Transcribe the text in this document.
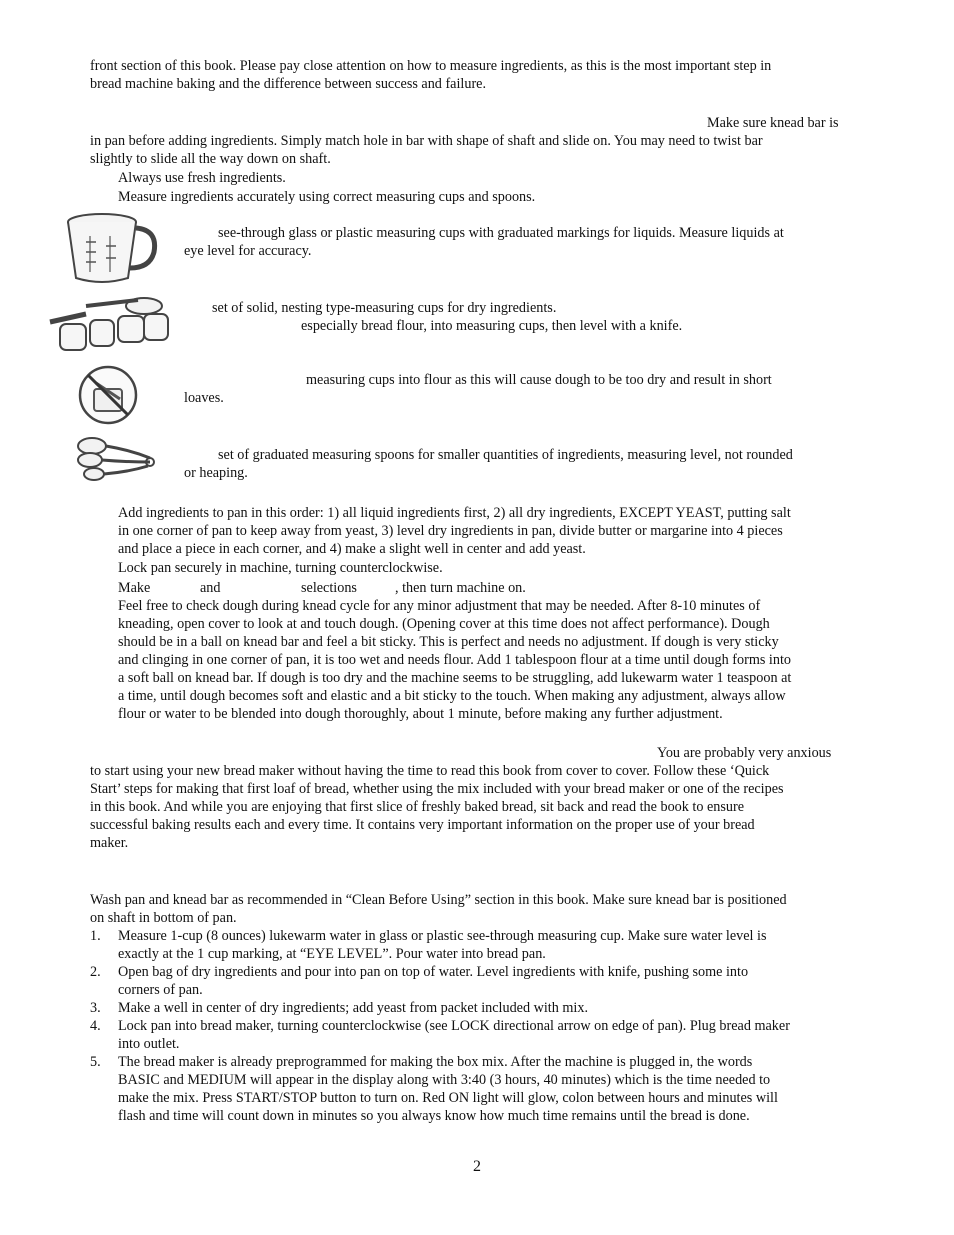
front section of this book. Please pay close attention on how to measure ingredients, as this is the most important step in
bread machine baking and the difference between success and failure.
Make sure knead bar is
in pan before adding ingredients. Simply match hole in bar with shape of shaft and slide on. You may need to twist bar
slightly to slide all the way down on shaft.
Always use fresh ingredients.
Measure ingredients accurately using correct measuring cups and spoons.
see-through glass or plastic measuring cups with graduated markings for liquids. Measure liquids at
eye level for accuracy.
set of solid, nesting type-measuring cups for dry ingredients.
especially bread flour, into measuring cups, then level with a knife.
measuring cups into flour as this will cause dough to be too dry and result in short
loaves.
set of graduated measuring spoons for smaller quantities of ingredients, measuring level, not rounded
or heaping.
Add ingredients to pan in this order: 1) all liquid ingredients first, 2) all dry ingredients, EXCEPT YEAST, putting salt
in one corner of pan to keep away from yeast, 3) level dry ingredients in pan, divide butter or margarine into 4 pieces
and place a piece in each corner, and 4) make a slight well in center and add yeast.
Lock pan securely in machine, turning counterclockwise.
Make	and	selections	, then turn machine on.
Feel free to check dough during knead cycle for any minor adjustment that may be needed. After 8-10 minutes of
kneading, open cover to look at and touch dough. (Opening cover at this time does not affect performance). Dough
should be in a ball on knead bar and feel a bit sticky. This is perfect and needs no adjustment. If dough is very sticky
and clinging in one corner of pan, it is too wet and needs flour. Add 1 tablespoon flour at a time until dough forms into
a soft ball on knead bar. If dough is too dry and the machine seems to be struggling, add lukewarm water 1 teaspoon at
a time, until dough becomes soft and elastic and a bit sticky to the touch. When making any adjustment, always allow
flour or water to be blended into dough thoroughly, about 1 minute, before making any further adjustment.
You are probably very anxious
to start using your new bread maker without having the time to read this book from cover to cover. Follow these ‘Quick
Start’ steps for making that first loaf of bread, whether using the mix included with your bread maker or one of the recipes
in this book. And while you are enjoying that first slice of freshly baked bread, sit back and read the book to ensure
successful baking results each and every time. It contains very important information on the proper use of your bread
maker.
Wash pan and knead bar as recommended in “Clean Before Using” section in this book. Make sure knead bar is positioned
on shaft in bottom of pan.
1. Measure 1-cup (8 ounces) lukewarm water in glass or plastic see-through measuring cup. Make sure water level is
exactly at the 1 cup marking, at “EYE LEVEL”. Pour water into bread pan.
2. Open bag of dry ingredients and pour into pan on top of water. Level ingredients with knife, pushing some into
corners of pan.
3. Make a well in center of dry ingredients; add yeast from packet included with mix.
4. Lock pan into bread maker, turning counterclockwise (see LOCK directional arrow on edge of pan). Plug bread maker
into outlet.
5. The bread maker is already preprogrammed for making the box mix. After the machine is plugged in, the words
BASIC and MEDIUM will appear in the display along with 3:40 (3 hours, 40 minutes) which is the time needed to
make the mix. Press START/STOP button to turn on. Red ON light will glow, colon between hours and minutes will
flash and time will count down in minutes so you always know how much time remains until the bread is done.
2
